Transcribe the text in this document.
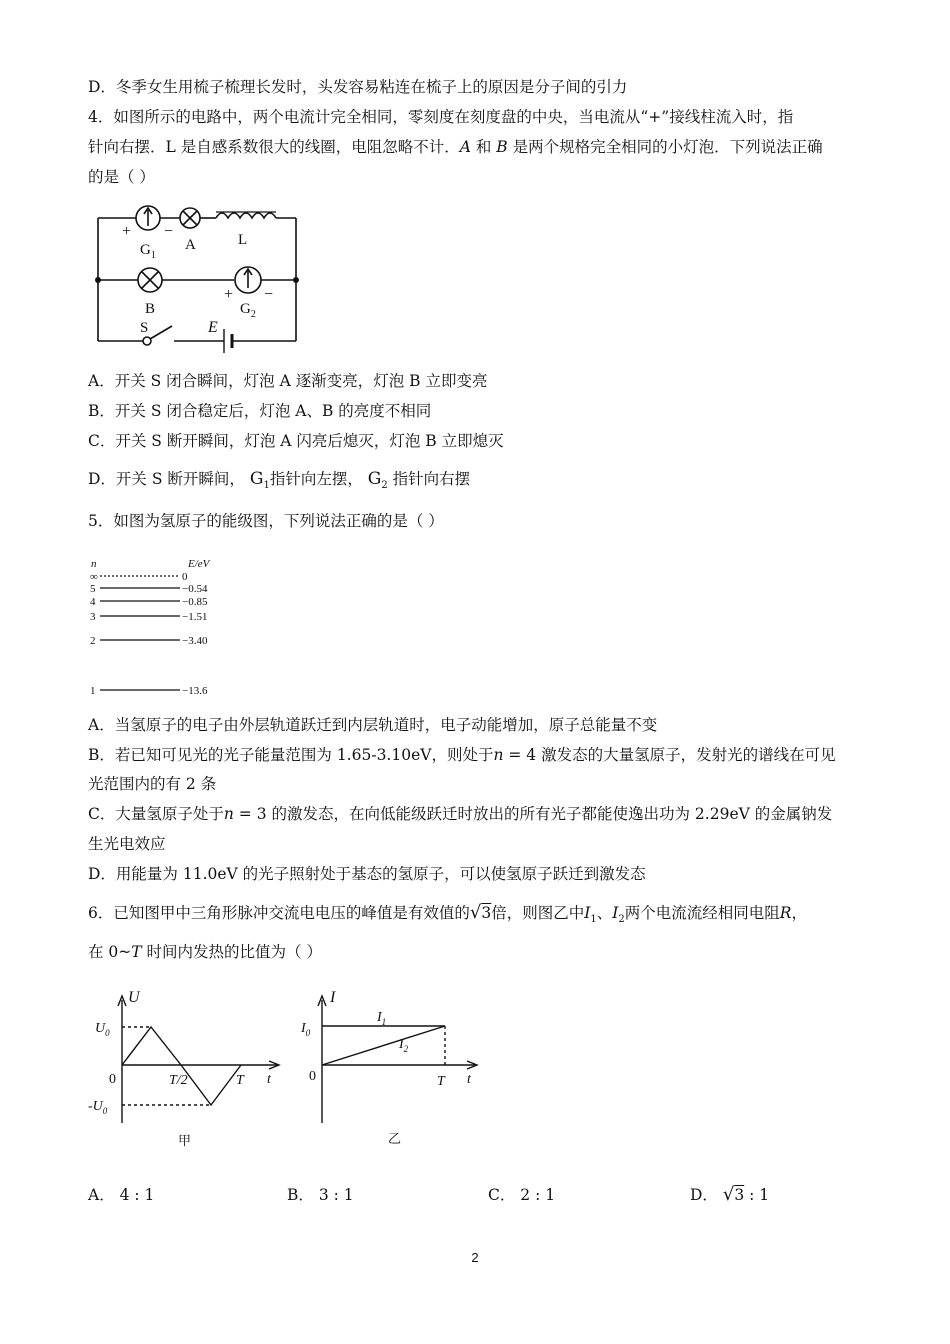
D．冬季女生用梳子梳理长发时，头发容易粘连在梳子上的原因是分子间的引力
4．如图所示的电路中，两个电流计完全相同，零刻度在刻度盘的中央，当电流从“+”接线柱流入时，指
针向右摆．L 是自感系数很大的线圈，电阻忽略不计．A 和 B 是两个规格完全相同的小灯泡．下列说法正确
的是（ ）
+ −
$G_1$
A	L
B
+ −
$G_2$
S	E
A．开关 S 闭合瞬间，灯泡 A 逐渐变亮，灯泡 B 立即变亮
B．开关 S 闭合稳定后，灯泡 A、B 的亮度不相同
C．开关 S 断开瞬间，灯泡 A 闪亮后熄灭，灯泡 B 立即熄灭
D．开关 S 断开瞬间， $G_1$指针向左摆， $G_2$ 指针向右摆
5．如图为氢原子的能级图，下列说法正确的是（ ）
n	E/eV
∞	0
5	−0.54
4	−0.85
3	−1.51
2	−3.40
1	−13.6
A．当氢原子的电子由外层轨道跃迁到内层轨道时，电子动能增加，原子总能量不变
B．若已知可见光的光子能量范围为 1.65-3.10eV，则处于n = 4 激发态的大量氢原子，发射光的谱线在可见
光范围内的有 2 条
C．大量氢原子处于n = 3 的激发态，在向低能级跃迁时放出的所有光子都能使逸出功为 2.29eV 的金属钠发
生光电效应
D．用能量为 11.0eV 的光子照射处于基态的氢原子，可以使氢原子跃迁到激发态
6．已知图甲中三角形脉冲交流电电压的峰值是有效值的√3倍，则图乙中$I_1$、$I_2$两个电流流经相同电阻R，
在 0~T 时间内发热的比值为（ ）
U
$U_0$
0	T/2	T t
$-U_0$
甲
I
$I_0$
$I_1$
$I_2$
0	T t
乙
A． 4 : 1	B． 3 : 1	C． 2 : 1	D． √3 : 1
2
